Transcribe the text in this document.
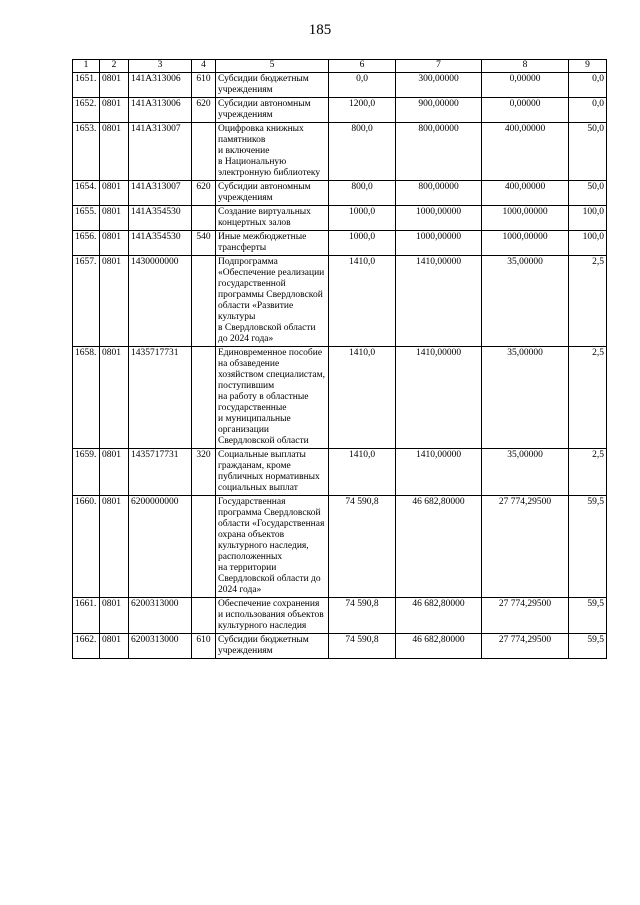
185
1	2	3	4	5	6	7	8	9
1651.	0801	141A313006	610	Субсидии бюджетным учреждениям	0,0	300,00000	0,00000	0,0
1652.	0801	141A313006	620	Субсидии автономным учреждениям	1200,0	900,00000	0,00000	0,0
1653.	0801	141A313007		Оцифровка книжных памятников
и включение
в Национальную электронную библиотеку	800,0	800,00000	400,00000	50,0
1654.	0801	141A313007	620	Субсидии автономным учреждениям	800,0	800,00000	400,00000	50,0
1655.	0801	141A354530		Создание виртуальных концертных залов	1000,0	1000,00000	1000,00000	100,0
1656.	0801	141A354530	540	Иные межбюджетные трансферты	1000,0	1000,00000	1000,00000	100,0
1657.	0801	1430000000		Подпрограмма «Обеспечение реализации государственной программы Свердловской области «Развитие культуры
в Свердловской области до 2024 года»	1410,0	1410,00000	35,00000	2,5
1658.	0801	1435717731		Единовременное пособие на обзаведение хозяйством специалистам, поступившим
на работу в областные государственные
и муниципальные организации Свердловской области	1410,0	1410,00000	35,00000	2,5
1659.	0801	1435717731	320	Социальные выплаты гражданам, кроме публичных нормативных социальных выплат	1410,0	1410,00000	35,00000	2,5
1660.	0801	6200000000		Государственная программа Свердловской области «Государственная охрана объектов культурного наследия, расположенных
на территории Свердловской области до 2024 года»	74 590,8	46 682,80000	27 774,29500	59,5
1661.	0801	6200313000		Обеспечение сохранения
и использования объектов культурного наследия	74 590,8	46 682,80000	27 774,29500	59,5
1662.	0801	6200313000	610	Субсидии бюджетным учреждениям	74 590,8	46 682,80000	27 774,29500	59,5
